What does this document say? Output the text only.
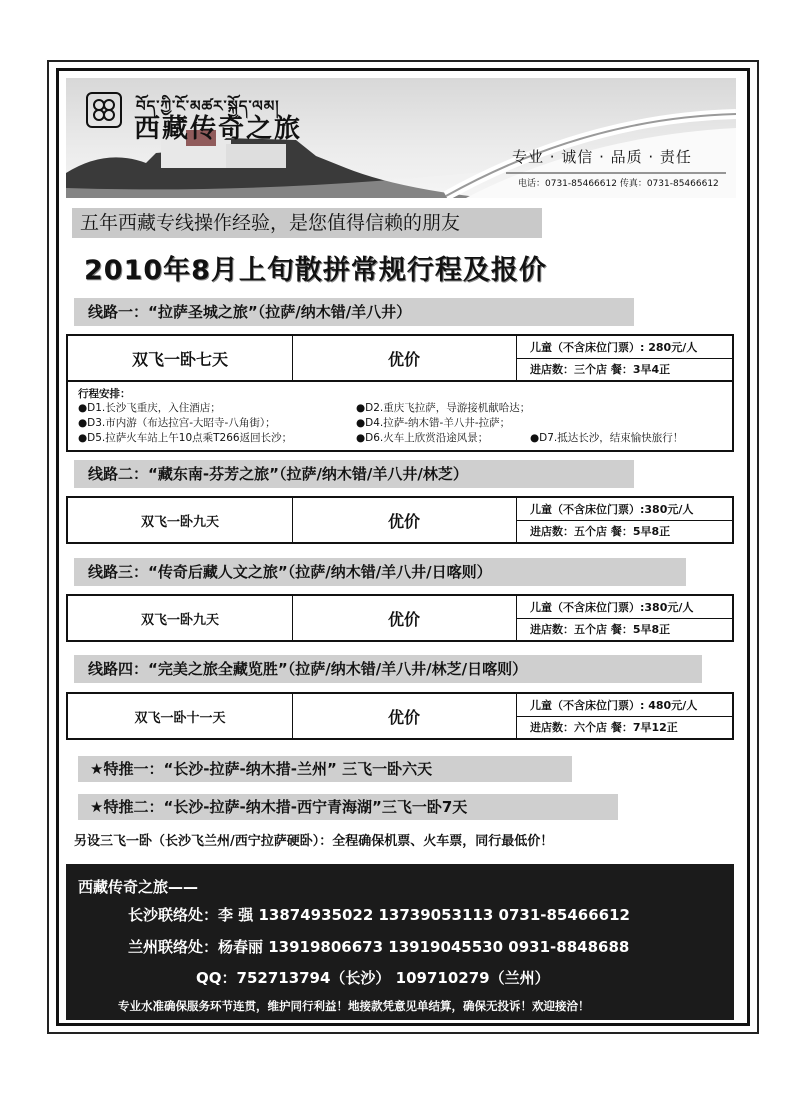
བོད་ཀྱི་ངོ་མཚར་སྐྱོད་ལམ།
西藏传奇之旅
专业 · 诚信 · 品质 · 责任
电话：0731-85466612 传真：0731-85466612
五年西藏专线操作经验，是您值得信赖的朋友
2010年8月上旬散拼常规行程及报价
线路一：“拉萨圣城之旅”（拉萨/纳木错/羊八井）
双飞一卧七天	优价
儿童（不含床位门票）: 280元/人
进店数：三个店 餐：3早4正
行程安排：
●D1.长沙飞重庆，入住酒店；	●D2.重庆飞拉萨，导游接机献哈达；
●D3.市内游（布达拉宫-大昭寺-八角街）；	●D4.拉萨-纳木错-羊八井-拉萨；
●D5.拉萨火车站上午10点乘T266返回长沙；	●D6.火车上欣赏沿途风景；	●D7.抵达长沙，结束愉快旅行！
线路二：“藏东南-芬芳之旅”（拉萨/纳木错/羊八井/林芝）
双飞一卧九天	优价
儿童（不含床位门票）:380元/人
进店数：五个店 餐：5早8正
线路三：“传奇后藏人文之旅”（拉萨/纳木错/羊八井/日喀则）
双飞一卧九天	优价
儿童（不含床位门票）:380元/人
进店数：五个店 餐：5早8正
线路四：“完美之旅全藏览胜”（拉萨/纳木错/羊八井/林芝/日喀则）
双飞一卧十一天	优价
儿童（不含床位门票）: 480元/人
进店数：六个店 餐：7早12正
★特推一：“长沙-拉萨-纳木措-兰州” 三飞一卧六天
★特推二：“长沙-拉萨-纳木措-西宁青海湖”三飞一卧7天
另设三飞一卧（长沙飞兰州/西宁拉萨硬卧）：全程确保机票、火车票，同行最低价！
西藏传奇之旅——
长沙联络处：李 强 13874935022 13739053113 0731-85466612
兰州联络处：杨春丽 13919806673 13919045530 0931-8848688
QQ：752713794（长沙） 109710279（兰州）
专业水准确保服务环节连贯，维护同行利益！地接款凭意见单结算，确保无投诉！欢迎接洽！
